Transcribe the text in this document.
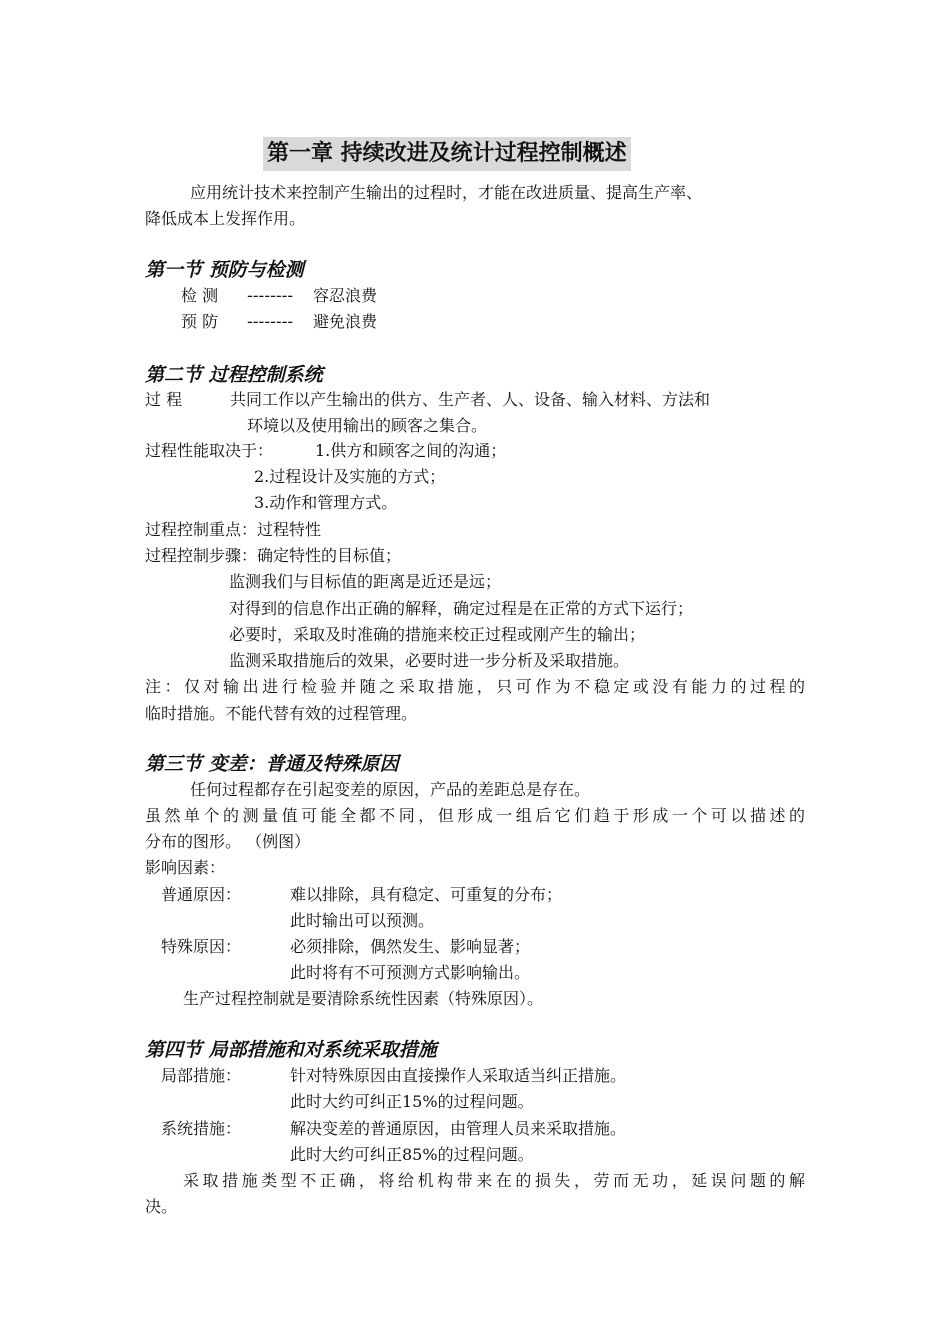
第一章 持续改进及统计过程控制概述
应用统计技术来控制产生输出的过程时，才能在改进质量、提高生产率、
降低成本上发挥作用。
第一节 预防与检测
检 测 -------- 容忍浪费
预 防 -------- 避免浪费
第二节 过程控制系统
过 程	共同工作以产生输出的供方、生产者、人、设备、输入材料、方法和
环境以及使用输出的顾客之集合。
过程性能取决于：	1.供方和顾客之间的沟通；
2.过程设计及实施的方式；
3.动作和管理方式。
过程控制重点：过程特性
过程控制步骤：确定特性的目标值；
监测我们与目标值的距离是近还是远；
对得到的信息作出正确的解释，确定过程是在正常的方式下运行；
必要时，采取及时准确的措施来校正过程或刚产生的输出；
监测采取措施后的效果，必要时进一步分析及采取措施。
注：仅对输出进行检验并随之采取措施，只可作为不稳定或没有能力的过程的
临时措施。不能代替有效的过程管理。
第三节 变差：普通及特殊原因
任何过程都存在引起变差的原因，产品的差距总是存在。
虽然单个的测量值可能全都不同，但形成一组后它们趋于形成一个可以描述的
分布的图形。 （例图）
影响因素：
普通原因：	难以排除，具有稳定、可重复的分布；
此时输出可以预测。
特殊原因：	必须排除，偶然发生、影响显著；
此时将有不可预测方式影响输出。
生产过程控制就是要清除系统性因素（特殊原因）。
第四节 局部措施和对系统采取措施
局部措施：	针对特殊原因由直接操作人采取适当纠正措施。
此时大约可纠正15%的过程问题。
系统措施：	解决变差的普通原因，由管理人员来采取措施。
此时大约可纠正85%的过程问题。
采取措施类型不正确，将给机构带来在的损失，劳而无功，延误问题的解
决。
